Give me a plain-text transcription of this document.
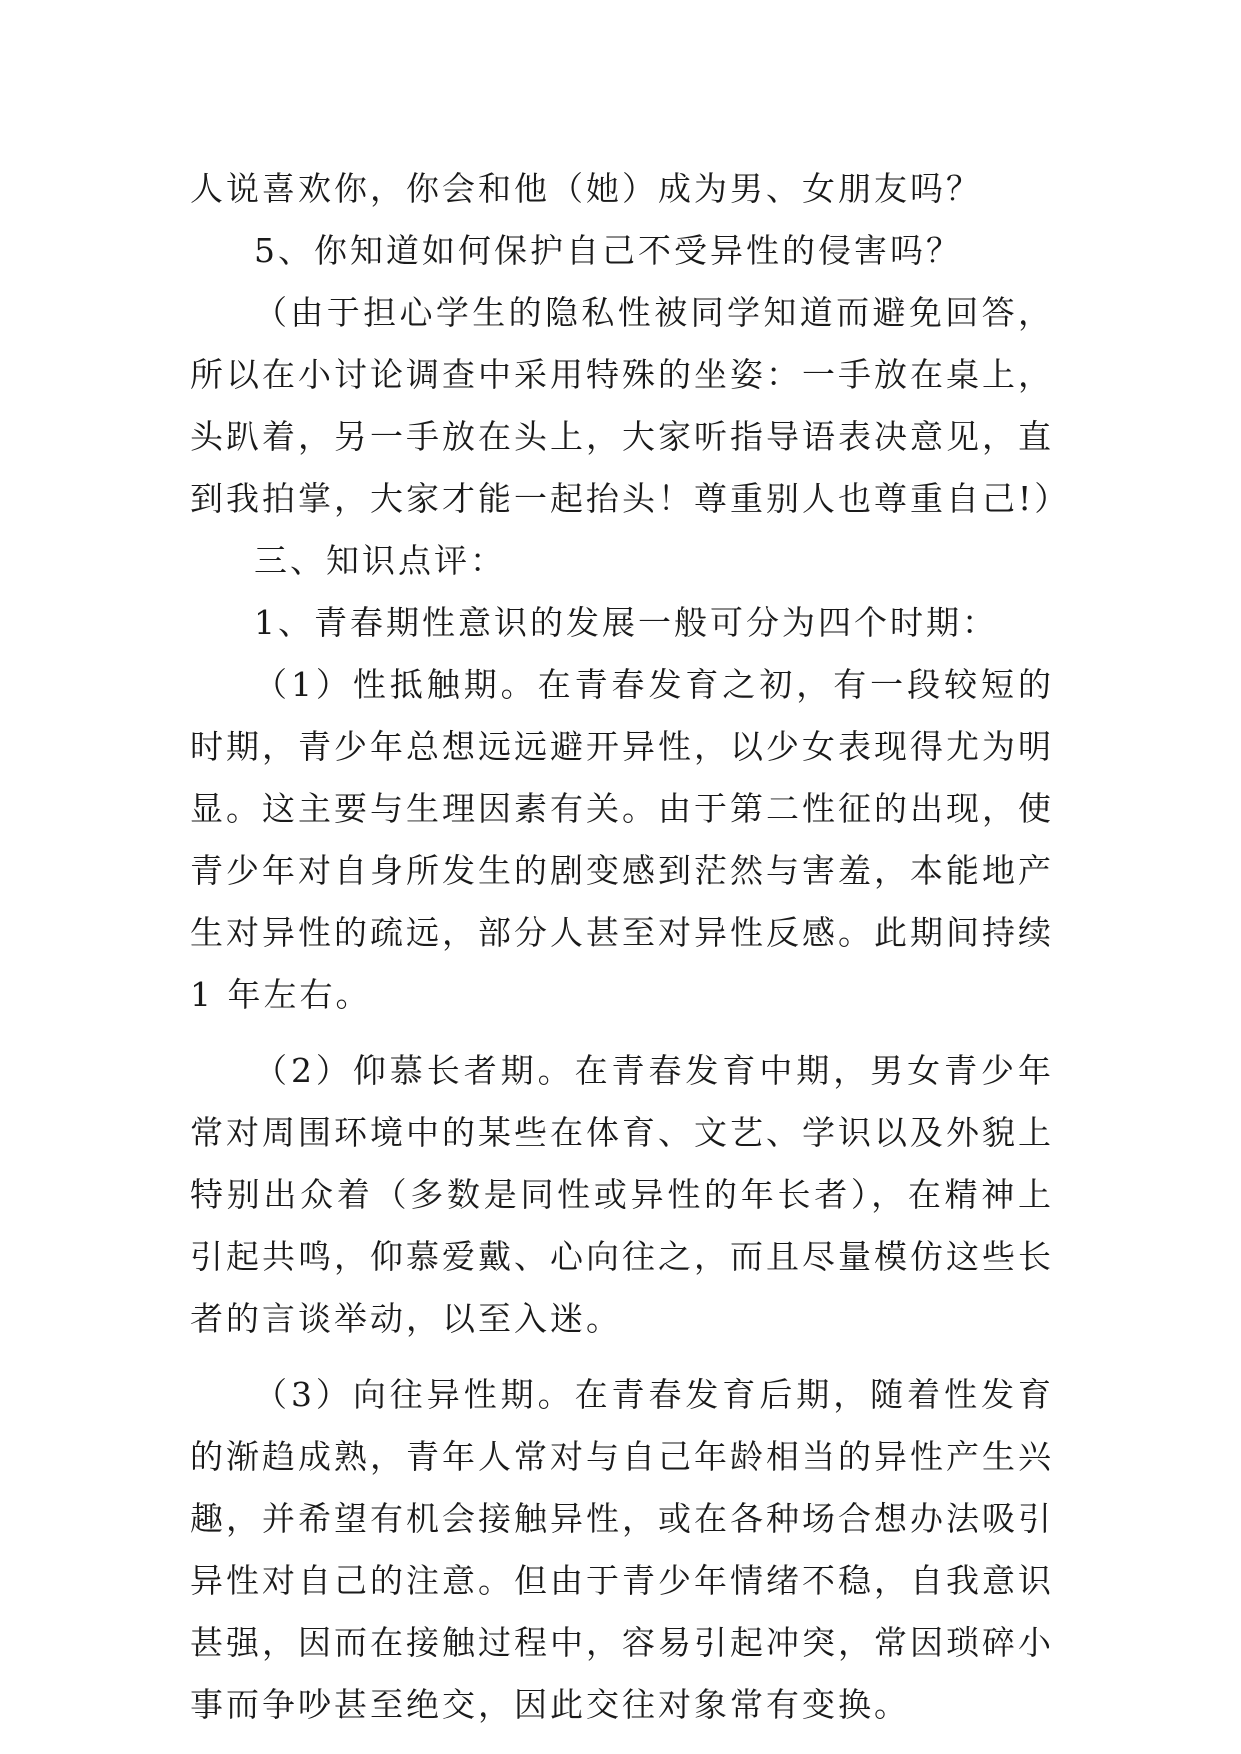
人说喜欢你，你会和他（她）成为男、女朋友吗？

5、你知道如何保护自己不受异性的侵害吗？

（由于担心学生的隐私性被同学知道而避免回答，所以在小讨论调查中采用特殊的坐姿：一手放在桌上，头趴着，另一手放在头上，大家听指导语表决意见，直到我拍掌，大家才能一起抬头！尊重别人也尊重自己!）

三、知识点评：

1、青春期性意识的发展一般可分为四个时期：

（1）性抵触期。在青春发育之初，有一段较短的时期，青少年总想远远避开异性，以少女表现得尤为明显。这主要与生理因素有关。由于第二性征的出现，使青少年对自身所发生的剧变感到茫然与害羞，本能地产生对异性的疏远，部分人甚至对异性反感。此期间持续 1 年左右。

（2）仰慕长者期。在青春发育中期，男女青少年常对周围环境中的某些在体育、文艺、学识以及外貌上特别出众着（多数是同性或异性的年长者），在精神上引起共鸣，仰慕爱戴、心向往之，而且尽量模仿这些长者的言谈举动，以至入迷。

（3）向往异性期。在青春发育后期，随着性发育的渐趋成熟，青年人常对与自己年龄相当的异性产生兴趣，并希望有机会接触异性，或在各种场合想办法吸引异性对自己的注意。但由于青少年情绪不稳，自我意识甚强，因而在接触过程中，容易引起冲突，常因琐碎小事而争吵甚至绝交，因此交往对象常有变换。
